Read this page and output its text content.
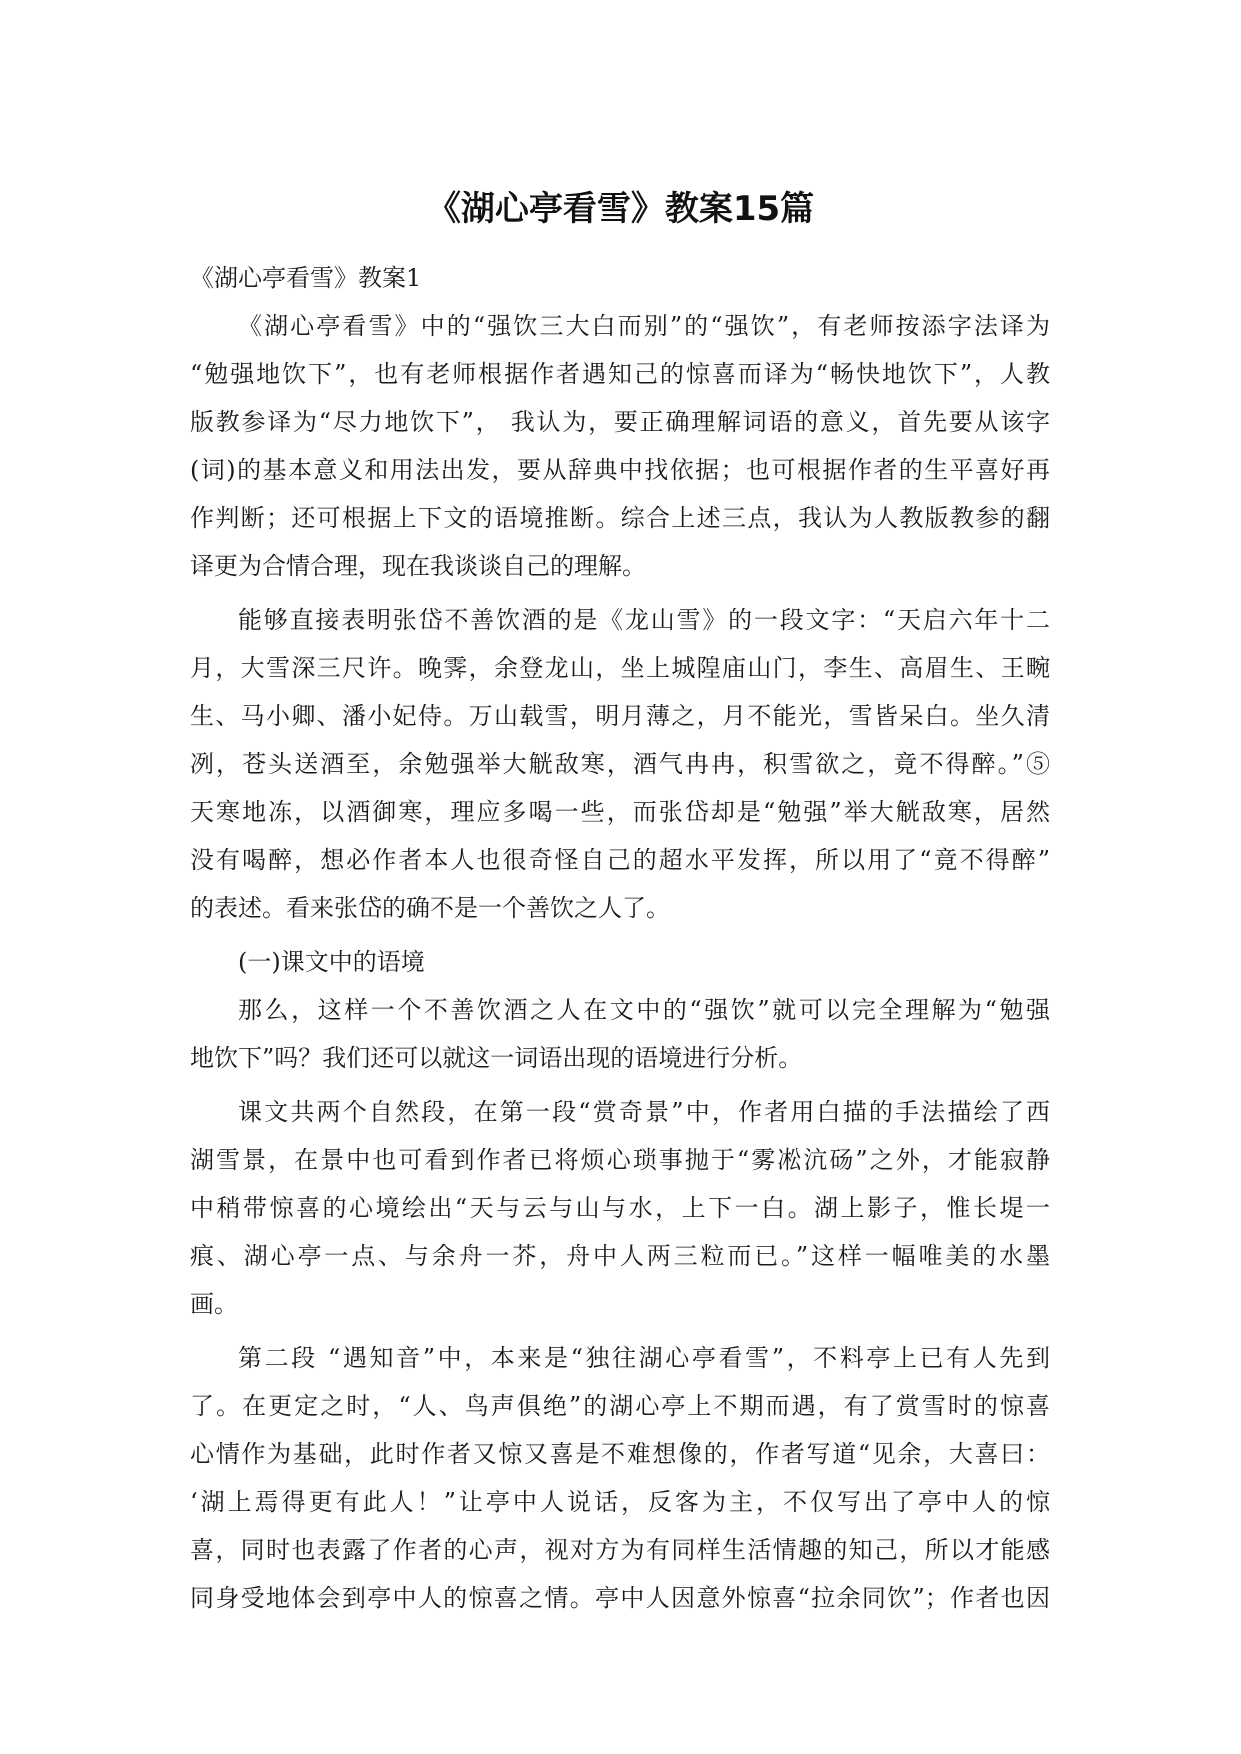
《湖心亭看雪》教案15篇

《湖心亭看雪》教案1

《湖心亭看雪》中的“强饮三大白而别”的“强饮”，有老师按添字法译为
“勉强地饮下”，也有老师根据作者遇知己的惊喜而译为“畅快地饮下”，人教
版教参译为“尽力地饮下”， 我认为，要正确理解词语的意义，首先要从该字
(词)的基本意义和用法出发，要从辞典中找依据；也可根据作者的生平喜好再
作判断；还可根据上下文的语境推断。综合上述三点，我认为人教版教参的翻
译更为合情合理，现在我谈谈自己的理解。

能够直接表明张岱不善饮酒的是《龙山雪》的一段文字：“天启六年十二
月，大雪深三尺许。晚霁，余登龙山，坐上城隍庙山门，李生、高眉生、王畹
生、马小卿、潘小妃侍。万山载雪，明月薄之，月不能光，雪皆呆白。坐久清
冽，苍头送酒至，余勉强举大觥敌寒，酒气冉冉，积雪欲之，竟不得醉。”⑤
天寒地冻，以酒御寒，理应多喝一些，而张岱却是“勉强”举大觥敌寒，居然
没有喝醉，想必作者本人也很奇怪自己的超水平发挥，所以用了“竟不得醉”
的表述。看来张岱的确不是一个善饮之人了。

(一)课文中的语境

那么，这样一个不善饮酒之人在文中的“强饮”就可以完全理解为“勉强
地饮下”吗？我们还可以就这一词语出现的语境进行分析。

课文共两个自然段，在第一段“赏奇景”中，作者用白描的手法描绘了西
湖雪景，在景中也可看到作者已将烦心琐事抛于“雾凇沆砀”之外，才能寂静
中稍带惊喜的心境绘出“天与云与山与水，上下一白。湖上影子，惟长堤一
痕、湖心亭一点、与余舟一芥，舟中人两三粒而已。”这样一幅唯美的水墨
画。

第二段 “遇知音”中，本来是“独往湖心亭看雪”，不料亭上已有人先到
了。在更定之时，“人、鸟声俱绝”的湖心亭上不期而遇，有了赏雪时的惊喜
心情作为基础，此时作者又惊又喜是不难想像的，作者写道“见余，大喜曰：
‘湖上焉得更有此人！”让亭中人说话，反客为主，不仅写出了亭中人的惊
喜，同时也表露了作者的心声，视对方为有同样生活情趣的知己，所以才能感
同身受地体会到亭中人的惊喜之情。亭中人因意外惊喜“拉余同饮”；作者也因
